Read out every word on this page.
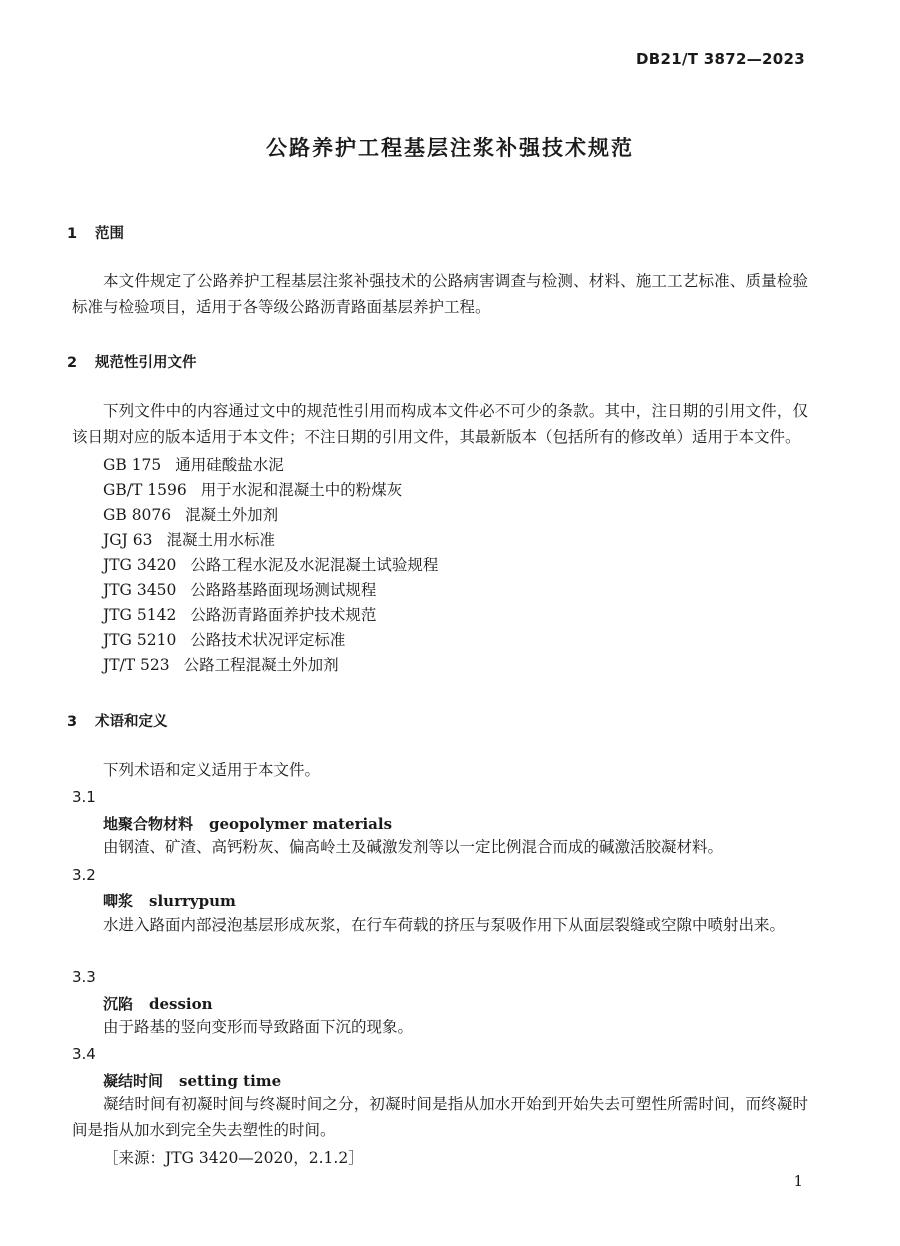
DB21/T 3872—2023
公路养护工程基层注浆补强技术规范
1 范围
本文件规定了公路养护工程基层注浆补强技术的公路病害调查与检测、材料、施工工艺标准、质量检验标准与检验项目，适用于各等级公路沥青路面基层养护工程。
2 规范性引用文件
下列文件中的内容通过文中的规范性引用而构成本文件必不可少的条款。其中，注日期的引用文件，仅该日期对应的版本适用于本文件；不注日期的引用文件，其最新版本（包括所有的修改单）适用于本文件。
GB 175 通用硅酸盐水泥
GB/T 1596 用于水泥和混凝土中的粉煤灰
GB 8076 混凝土外加剂
JGJ 63 混凝土用水标准
JTG 3420 公路工程水泥及水泥混凝土试验规程
JTG 3450 公路路基路面现场测试规程
JTG 5142 公路沥青路面养护技术规范
JTG 5210 公路技术状况评定标准
JT/T 523 公路工程混凝土外加剂
3 术语和定义
下列术语和定义适用于本文件。
3.1
地聚合物材料 geopolymer materials
由钢渣、矿渣、高钙粉灰、偏高岭土及碱激发剂等以一定比例混合而成的碱激活胶凝材料。
3.2
唧浆 slurrypum
水进入路面内部浸泡基层形成灰浆，在行车荷载的挤压与泵吸作用下从面层裂缝或空隙中喷射出来。
3.3
沉陷 dession
由于路基的竖向变形而导致路面下沉的现象。
3.4
凝结时间 setting time
凝结时间有初凝时间与终凝时间之分，初凝时间是指从加水开始到开始失去可塑性所需时间，而终凝时间是指从加水到完全失去塑性的时间。
［来源：JTG 3420—2020，2.1.2］
1
